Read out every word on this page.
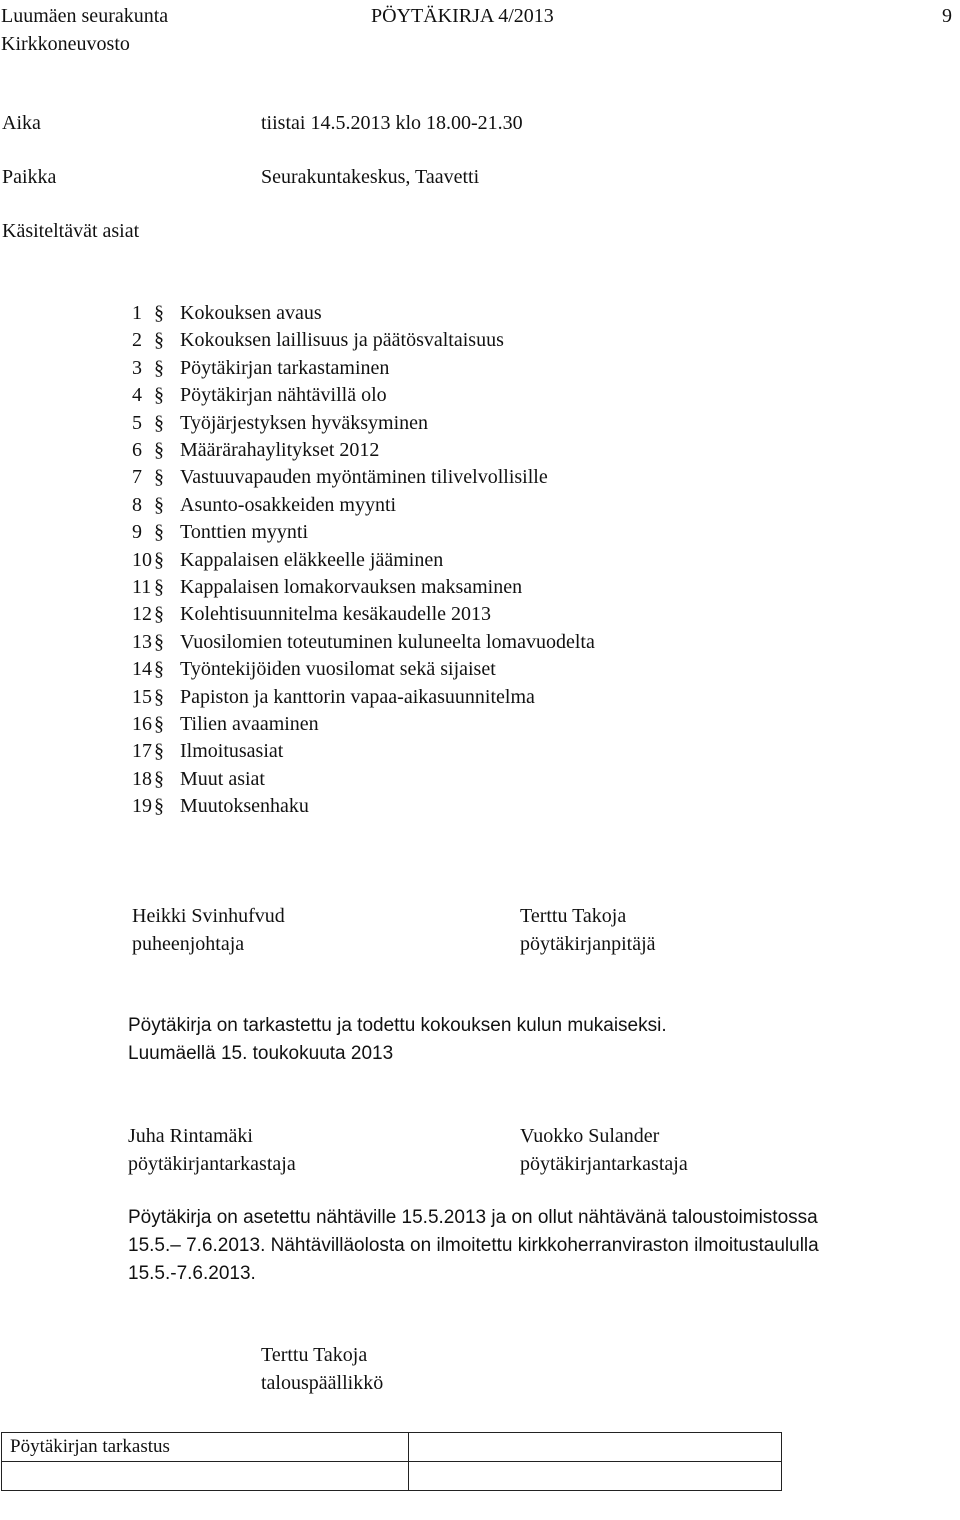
Luumäen seurakunta
Kirkkoneuvosto
PÖYTÄKIRJA 4/2013	9
Aika	tiistai 14.5.2013 klo 18.00-21.30
Paikka	Seurakuntakeskus, Taavetti
Käsiteltävät asiat
1 § Kokouksen avaus
2 § Kokouksen laillisuus ja päätösvaltaisuus
3 § Pöytäkirjan tarkastaminen
4 § Pöytäkirjan nähtävillä olo
5 § Työjärjestyksen hyväksyminen
6 § Määrärahaylitykset 2012
7 § Vastuuvapauden myöntäminen tilivelvollisille
8 § Asunto-osakkeiden myynti
9 § Tonttien myynti
10 § Kappalaisen eläkkeelle jääminen
11 § Kappalaisen lomakorvauksen maksaminen
12 § Kolehtisuunnitelma kesäkaudelle 2013
13 § Vuosilomien toteutuminen kuluneelta lomavuodelta
14 § Työntekijöiden vuosilomat sekä sijaiset
15 § Papiston ja kanttorin vapaa-aikasuunnitelma
16 § Tilien avaaminen
17 § Ilmoitusasiat
18 § Muut asiat
19 § Muutoksenhaku
Heikki Svinhufvud
puheenjohtaja
Terttu Takoja
pöytäkirjanpitäjä
Pöytäkirja on tarkastettu ja todettu kokouksen kulun mukaiseksi.
Luumäellä 15. toukokuuta 2013
Juha Rintamäki
pöytäkirjantarkastaja
Vuokko Sulander
pöytäkirjantarkastaja
Pöytäkirja on asetettu nähtäville 15.5.2013 ja on ollut nähtävänä taloustoimistossa
15.5.– 7.6.2013. Nähtävilläolosta on ilmoitettu kirkkoherranviraston ilmoitustaululla
15.5.-7.6.2013.
Terttu Takoja
talouspäällikkö
Pöytäkirjan tarkastus	
